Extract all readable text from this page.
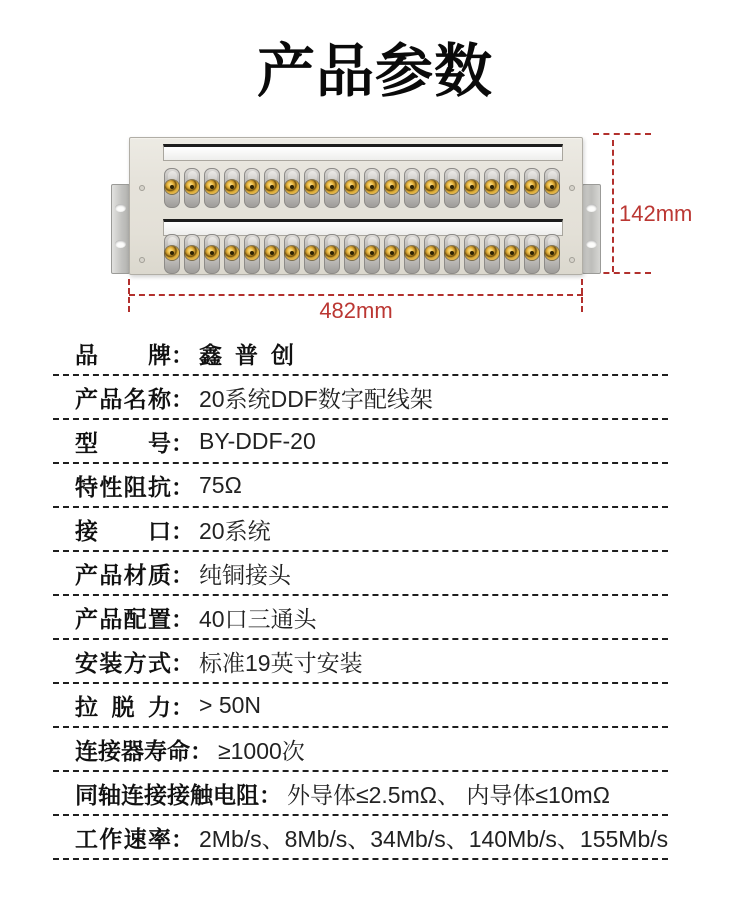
产品参数
142mm
482mm
品牌 ： 鑫普创
产品名称 ： 20系统DDF数字配线架
型号 ： BY-DDF-20
特性阻抗 ： 75Ω
接口 ： 20系统
产品材质 ： 纯铜接头
产品配置 ： 40口三通头
安装方式 ： 标准19英寸安装
拉脱力 ： > 50N
连接器寿命 ： ≥1000次
同轴连接接触电阻 ： 外导体≤2.5mΩ、 内导体≤10mΩ
工作速率 ： 2Mb/s、8Mb/s、34Mb/s、140Mb/s、155Mb/s
